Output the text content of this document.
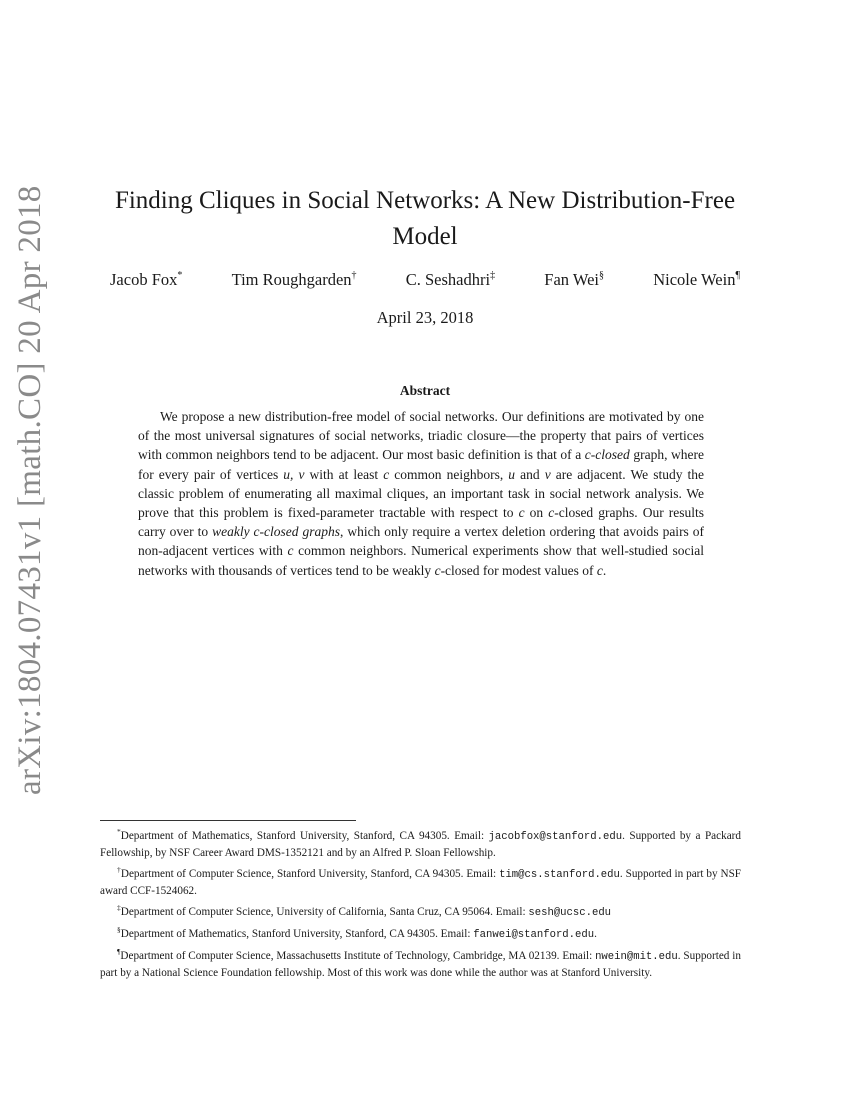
arXiv:1804.07431v1 [math.CO] 20 Apr 2018	Finding Cliques in Social Networks: A New Distribution-Free Model
Jacob Fox*	Tim Roughgarden†	C. Seshadhri‡	Fan Wei§	Nicole Wein¶
April 23, 2018
Abstract
We propose a new distribution-free model of social networks. Our definitions are motivated by one of the most universal signatures of social networks, triadic closure—the property that pairs of vertices with common neighbors tend to be adjacent. Our most basic definition is that of a c-closed graph, where for every pair of vertices u, v with at least c common neighbors, u and v are adjacent. We study the classic problem of enumerating all maximal cliques, an important task in social network analysis. We prove that this problem is fixed-parameter tractable with respect to c on c-closed graphs. Our results carry over to weakly c-closed graphs, which only require a vertex deletion ordering that avoids pairs of non-adjacent vertices with c common neighbors. Numerical experiments show that well-studied social networks with thousands of vertices tend to be weakly c-closed for modest values of c.

*Department of Mathematics, Stanford University, Stanford, CA 94305. Email: jacobfox@stanford.edu. Supported by a Packard Fellowship, by NSF Career Award DMS-1352121 and by an Alfred P. Sloan Fellowship.

†Department of Computer Science, Stanford University, Stanford, CA 94305. Email: tim@cs.stanford.edu. Supported in part by NSF award CCF-1524062.

‡Department of Computer Science, University of California, Santa Cruz, CA 95064. Email: sesh@ucsc.edu

§Department of Mathematics, Stanford University, Stanford, CA 94305. Email: fanwei@stanford.edu.

¶Department of Computer Science, Massachusetts Institute of Technology, Cambridge, MA 02139. Email: nwein@mit.edu. Supported in part by a National Science Foundation fellowship. Most of this work was done while the author was at Stanford University.
